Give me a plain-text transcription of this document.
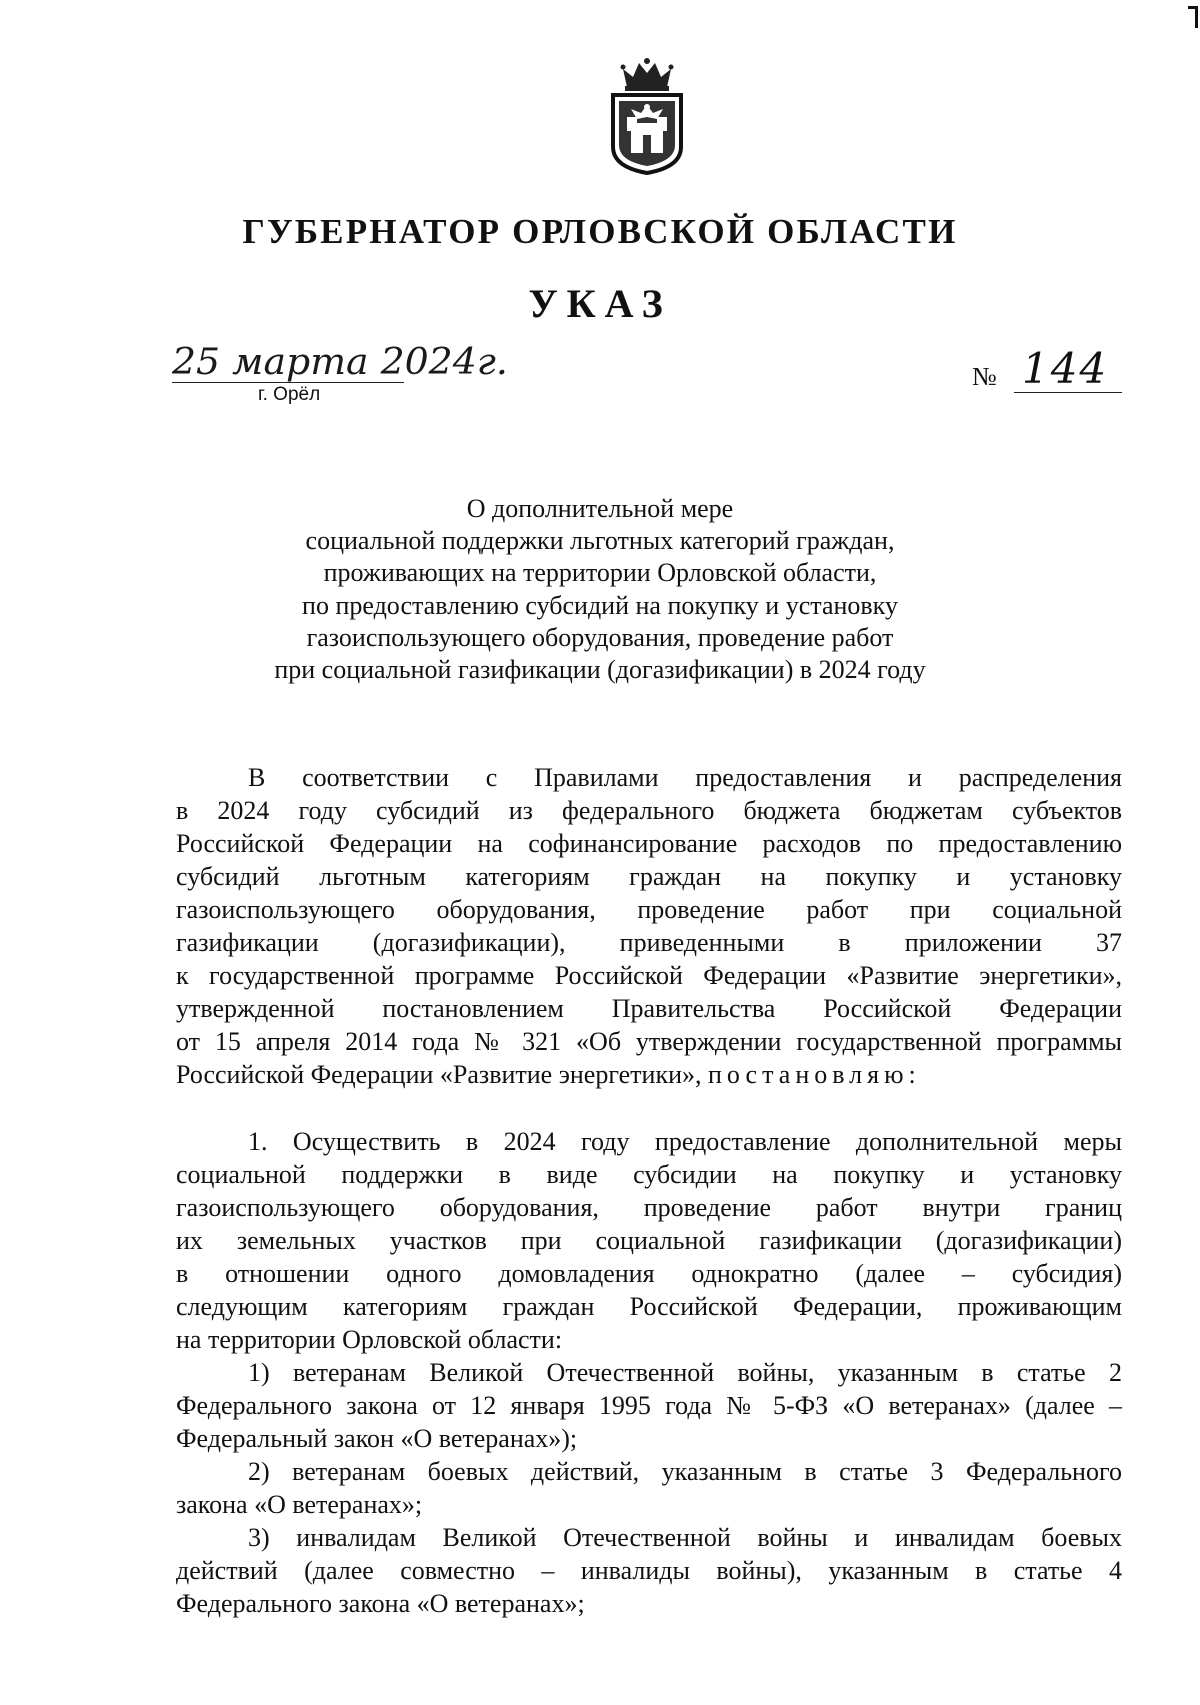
ГУБЕРНАТОР ОРЛОВСКОЙ ОБЛАСТИ
УКАЗ
25 марта 2024г.
г. Орёл
№ 144
О дополнительной мере
социальной поддержки льготных категорий граждан,
проживающих на территории Орловской области,
по предоставлению субсидий на покупку и установку
газоиспользующего оборудования, проведение работ
при социальной газификации (догазификации) в 2024 году
В соответствии с Правилами предоставления и распределения
в 2024 году субсидий из федерального бюджета бюджетам субъектов
Российской Федерации на софинансирование расходов по предоставлению
субсидий льготным категориям граждан на покупку и установку
газоиспользующего оборудования, проведение работ при социальной
газификации (догазификации), приведенными в приложении 37
к государственной программе Российской Федерации «Развитие энергетики»,
утвержденной постановлением Правительства Российской Федерации
от 15 апреля 2014 года № 321 «Об утверждении государственной программы
Российской Федерации «Развитие энергетики», постановляю:
1. Осуществить в 2024 году предоставление дополнительной меры
социальной поддержки в виде субсидии на покупку и установку
газоиспользующего оборудования, проведение работ внутри границ
их земельных участков при социальной газификации (догазификации)
в отношении одного домовладения однократно (далее – субсидия)
следующим категориям граждан Российской Федерации, проживающим
на территории Орловской области:
1) ветеранам Великой Отечественной войны, указанным в статье 2
Федерального закона от 12 января 1995 года № 5-ФЗ «О ветеранах» (далее –
Федеральный закон «О ветеранах»);
2) ветеранам боевых действий, указанным в статье 3 Федерального
закона «О ветеранах»;
3) инвалидам Великой Отечественной войны и инвалидам боевых
действий (далее совместно – инвалиды войны), указанным в статье 4
Федерального закона «О ветеранах»;
